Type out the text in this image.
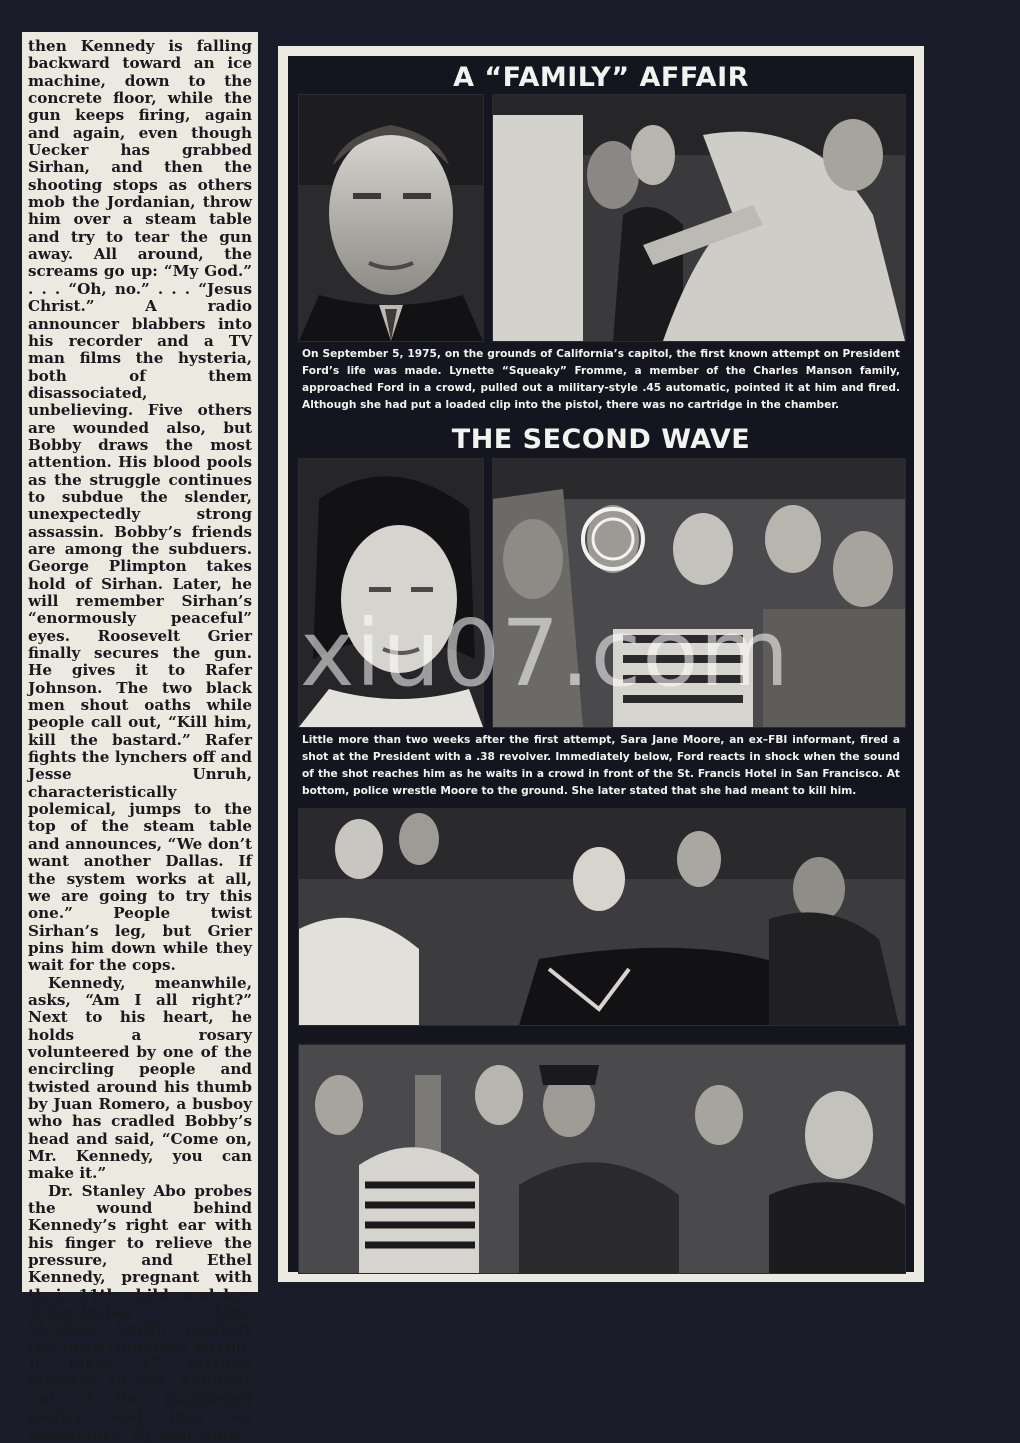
then Kennedy is falling backward toward an ice machine, down to the concrete floor, while the gun keeps firing, again and again, even though Uecker has grabbed Sirhan, and then the shooting stops as others mob the Jordanian, throw him over a steam table and try to tear the gun away. All around, the screams go up: “My God.” . . . “Oh, no.” . . . “Jesus Christ.” A radio announcer blabbers into his recorder and a TV man films the hysteria, both of them disassociated, unbelieving. Five others are wounded also, but Bobby draws the most attention. His blood pools as the struggle continues to subdue the slender, unexpectedly strong assassin. Bobby’s friends are among the subduers. George Plimpton takes hold of Sirhan. Later, he will remember Sirhan’s “enormously peaceful” eyes. Roosevelt Grier finally secures the gun. He gives it to Rafer Johnson. The two black men shout oaths while people call out, “Kill him, kill the bastard.” Rafer fights the lynchers off and Jesse Unruh, characteristically polemical, jumps to the top of the steam table and announces, “We don’t want another Dallas. If the system works at all, we are going to try this one.” People twist Sirhan’s leg, but Grier pins him down while they wait for the cops.

Kennedy, meanwhile, asks, “Am I all right?” Next to his heart, he holds a rosary volunteered by one of the encircling people and twisted around his thumb by Juan Romero, a busboy who has cradled Bobby’s head and said, “Come on, Mr. Kennedy, you can make it.”

Dr. Stanley Abo probes the wound behind Kennedy’s right ear with his finger to relieve the pressure, and Ethel Kennedy, pregnant with their 11th child, and her sister-in-law Mrs. Stephen Smith comfort the near-comatose victim. It takes 17 terrible minutes to get Kennedy out of the maddened pantry and into an ambulance. By that time,

A “FAMILY” AFFAIR
On September 5, 1975, on the grounds of California’s capitol, the first known attempt on President Ford’s life was made. Lynette “Squeaky” Fromme, a member of the Charles Manson family, approached Ford in a crowd, pulled out a military-style .45 automatic, pointed it at him and fired. Although she had put a loaded clip into the pistol, there was no cartridge in the chamber.
THE SECOND WAVE
Little more than two weeks after the first attempt, Sara Jane Moore, an ex–FBI informant, fired a shot at the President with a .38 revolver. Immediately below, Ford reacts in shock when the sound of the shot reaches him as he waits in a crowd in front of the St. Francis Hotel in San Francisco. At bottom, police wrestle Moore to the ground. She later stated that she had meant to kill him.
xiu07.com
